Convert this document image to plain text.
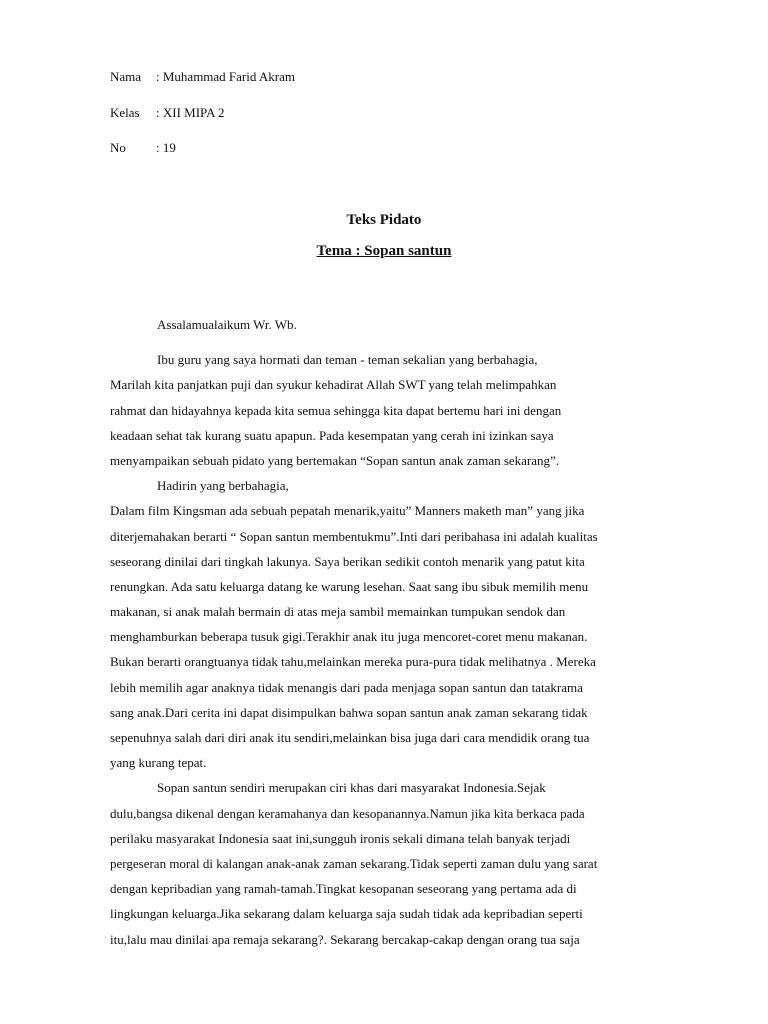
Nama : Muhammad Farid Akram
Kelas : XII MIPA 2
No : 19
Teks Pidato
Tema : Sopan santun
Assalamualaikum Wr. Wb.
Ibu guru yang saya hormati dan teman - teman sekalian yang berbahagia,
Marilah kita panjatkan puji dan syukur kehadirat Allah SWT yang telah melimpahkan
rahmat dan hidayahnya kepada kita semua sehingga kita dapat bertemu hari ini dengan
keadaan sehat tak kurang suatu apapun. Pada kesempatan yang cerah ini izinkan saya
menyampaikan sebuah pidato yang bertemakan “Sopan santun anak zaman sekarang”.
Hadirin yang berbahagia,
Dalam film Kingsman ada sebuah pepatah menarik,yaitu” Manners maketh man” yang jika
diterjemahakan berarti “ Sopan santun membentukmu”.Inti dari peribahasa ini adalah kualitas
seseorang dinilai dari tingkah lakunya. Saya berikan sedikit contoh menarik yang patut kita
renungkan. Ada satu keluarga datang ke warung lesehan. Saat sang ibu sibuk memilih menu
makanan, si anak malah bermain di atas meja sambil memainkan tumpukan sendok dan
menghamburkan beberapa tusuk gigi.Terakhir anak itu juga mencoret-coret menu makanan.
Bukan berarti orangtuanya tidak tahu,melainkan mereka pura-pura tidak melihatnya . Mereka
lebih memilih agar anaknya tidak menangis dari pada menjaga sopan santun dan tatakrama
sang anak.Dari cerita ini dapat disimpulkan bahwa sopan santun anak zaman sekarang tidak
sepenuhnya salah dari diri anak itu sendiri,melainkan bisa juga dari cara mendidik orang tua
yang kurang tepat.
Sopan santun sendiri merupakan ciri khas dari masyarakat Indonesia.Sejak
dulu,bangsa dikenal dengan keramahanya dan kesopanannya.Namun jika kita berkaca pada
perilaku masyarakat Indonesia saat ini,sungguh ironis sekali dimana telah banyak terjadi
pergeseran moral di kalangan anak-anak zaman sekarang.Tidak seperti zaman dulu yang sarat
dengan kepribadian yang ramah-tamah.Tingkat kesopanan seseorang yang pertama ada di
lingkungan keluarga.Jika sekarang dalam keluarga saja sudah tidak ada kepribadian seperti
itu,lalu mau dinilai apa remaja sekarang?. Sekarang bercakap-cakap dengan orang tua saja
